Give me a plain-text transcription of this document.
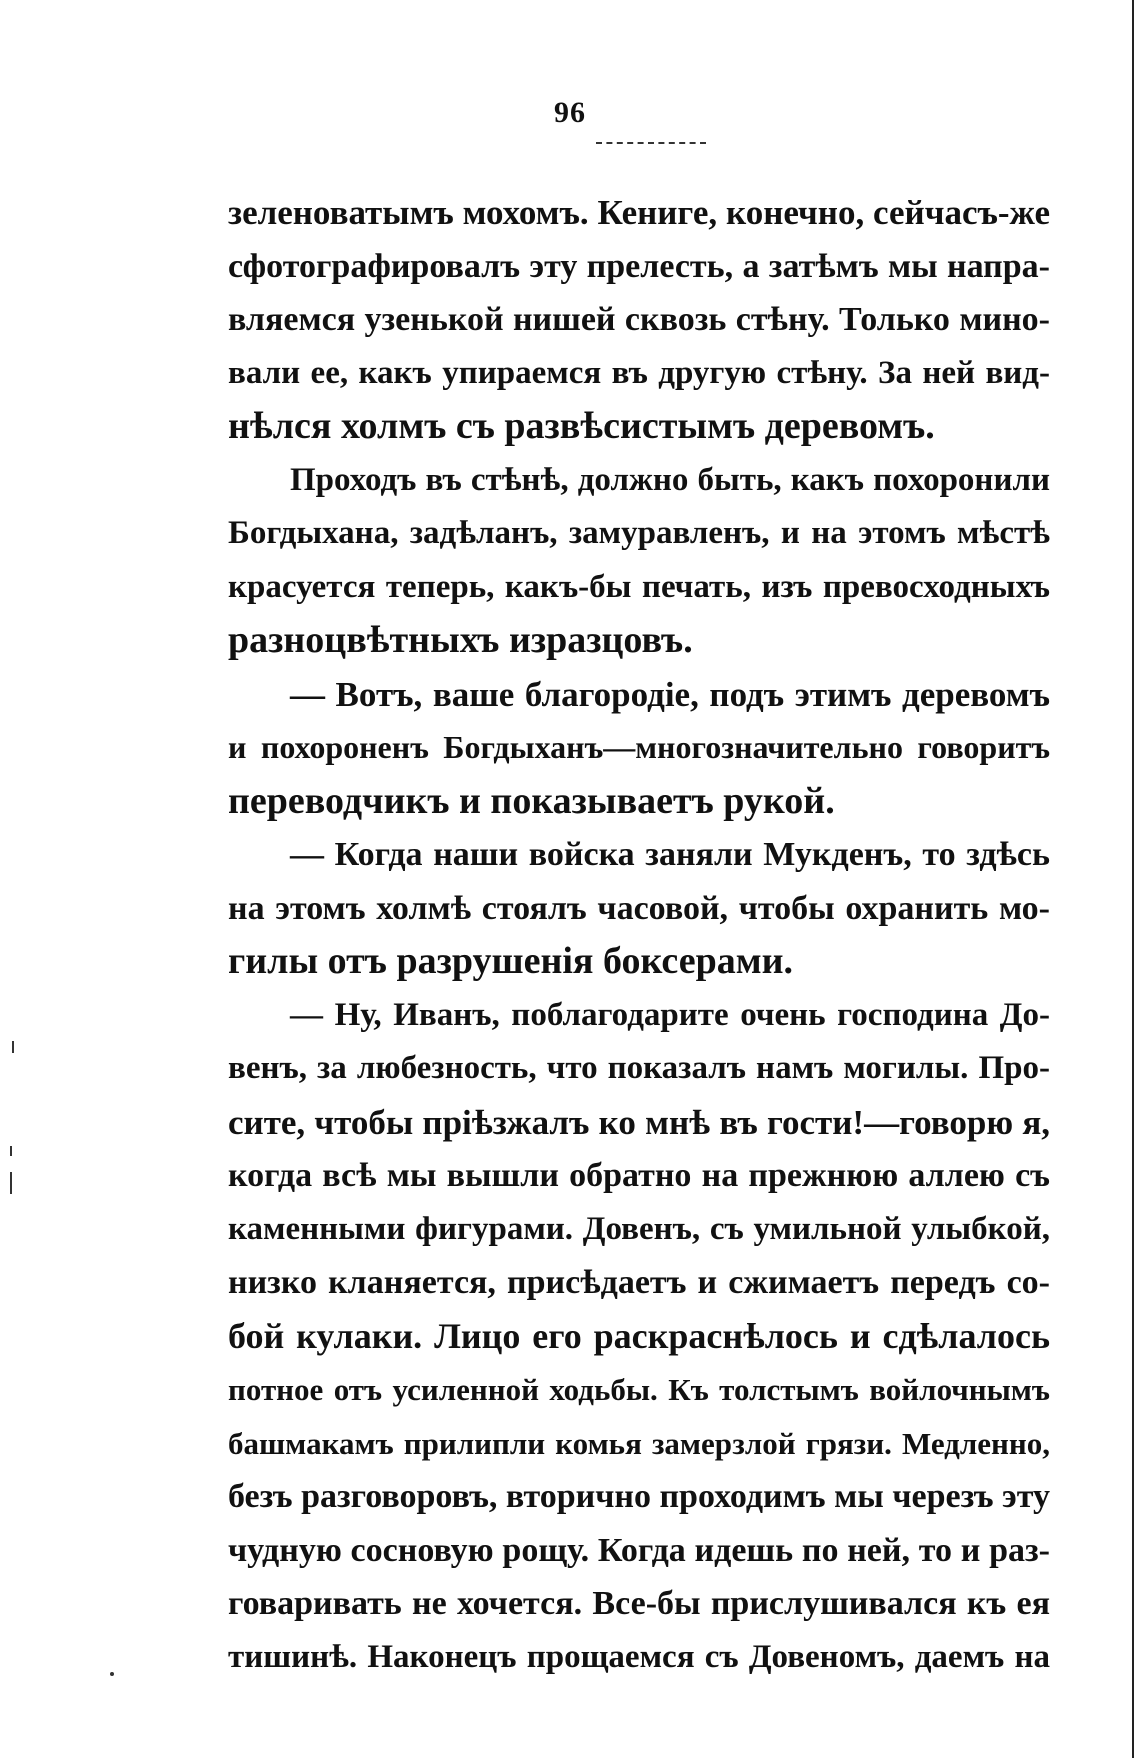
96
зеленоватымъ мохомъ. Кениге, конечно, сейчасъ-же
сфотографировалъ эту прелесть, а затѣмъ мы напра-
вляемся узенькой нишей сквозь стѣну. Только мино-
вали ее, какъ упираемся въ другую стѣну. За ней вид-
нѣлся холмъ съ развѣсистымъ деревомъ.
Проходъ въ стѣнѣ, должно быть, какъ похоронили
Богдыхана, задѣланъ, замуравленъ, и на этомъ мѣстѣ
красуется теперь, какъ-бы печать, изъ превосходныхъ
разноцвѣтныхъ изразцовъ.
— Вотъ, ваше благородіе, подъ этимъ деревомъ
и похороненъ Богдыханъ—многозначительно говоритъ
переводчикъ и показываетъ рукой.
— Когда наши войска заняли Мукденъ, то здѣсь
на этомъ холмѣ стоялъ часовой, чтобы охранить мо-
гилы отъ разрушенія боксерами.
— Ну, Иванъ, поблагодарите очень господина До-
венъ, за любезность, что показалъ намъ могилы. Про-
сите, чтобы пріѣзжалъ ко мнѣ въ гости!—говорю я,
когда всѣ мы вышли обратно на прежнюю аллею съ
каменными фигурами. Довенъ, съ умильной улыбкой,
низко кланяется, присѣдаетъ и сжимаетъ передъ со-
бой кулаки. Лицо его раскраснѣлось и сдѣлалось
потное отъ усиленной ходьбы. Къ толстымъ войлочнымъ
башмакамъ прилипли комья замерзлой грязи. Медленно,
безъ разговоровъ, вторично проходимъ мы черезъ эту
чудную сосновую рощу. Когда идешь по ней, то и раз-
говаривать не хочется. Все-бы прислушивался къ ея
тишинѣ. Наконецъ прощаемся съ Довеномъ, даемъ на
